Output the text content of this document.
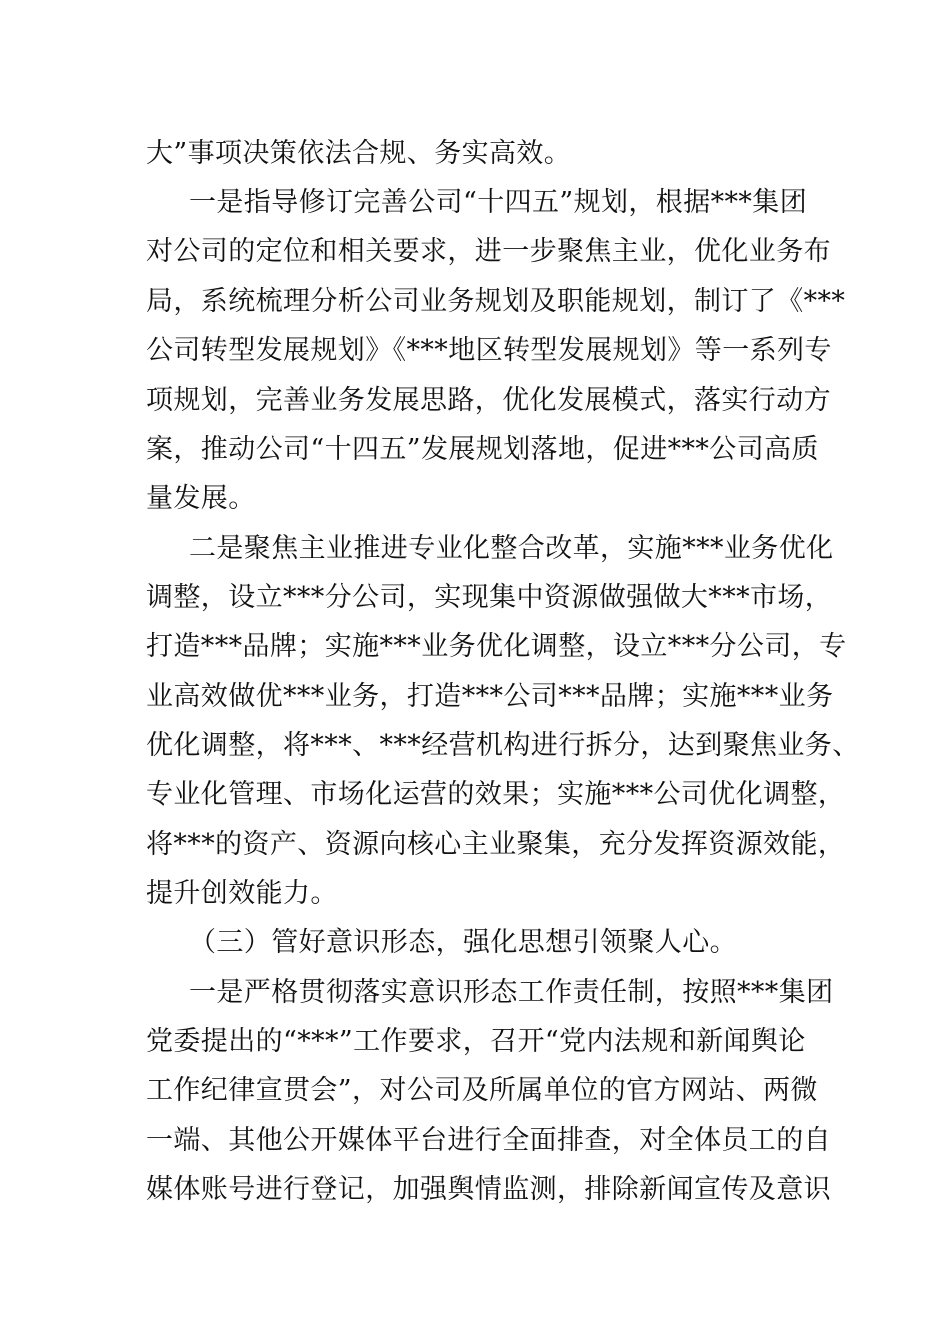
大”事项决策依法合规、务实高效。
一是指导修订完善公司“十四五”规划，根据***集团
对公司的定位和相关要求，进一步聚焦主业，优化业务布
局，系统梳理分析公司业务规划及职能规划，制订了《***
公司转型发展规划》《***地区转型发展规划》等一系列专
项规划，完善业务发展思路，优化发展模式，落实行动方
案，推动公司“十四五”发展规划落地，促进***公司高质
量发展。
二是聚焦主业推进专业化整合改革，实施***业务优化
调整，设立***分公司，实现集中资源做强做大***市场，
打造***品牌；实施***业务优化调整，设立***分公司，专
业高效做优***业务，打造***公司***品牌；实施***业务
优化调整，将***、***经营机构进行拆分，达到聚焦业务、
专业化管理、市场化运营的效果；实施***公司优化调整，
将***的资产、资源向核心主业聚集，充分发挥资源效能，
提升创效能力。
（三）管好意识形态，强化思想引领聚人心。
一是严格贯彻落实意识形态工作责任制，按照***集团
党委提出的“***”工作要求，召开“党内法规和新闻舆论
工作纪律宣贯会”，对公司及所属单位的官方网站、两微
一端、其他公开媒体平台进行全面排查，对全体员工的自
媒体账号进行登记，加强舆情监测，排除新闻宣传及意识
